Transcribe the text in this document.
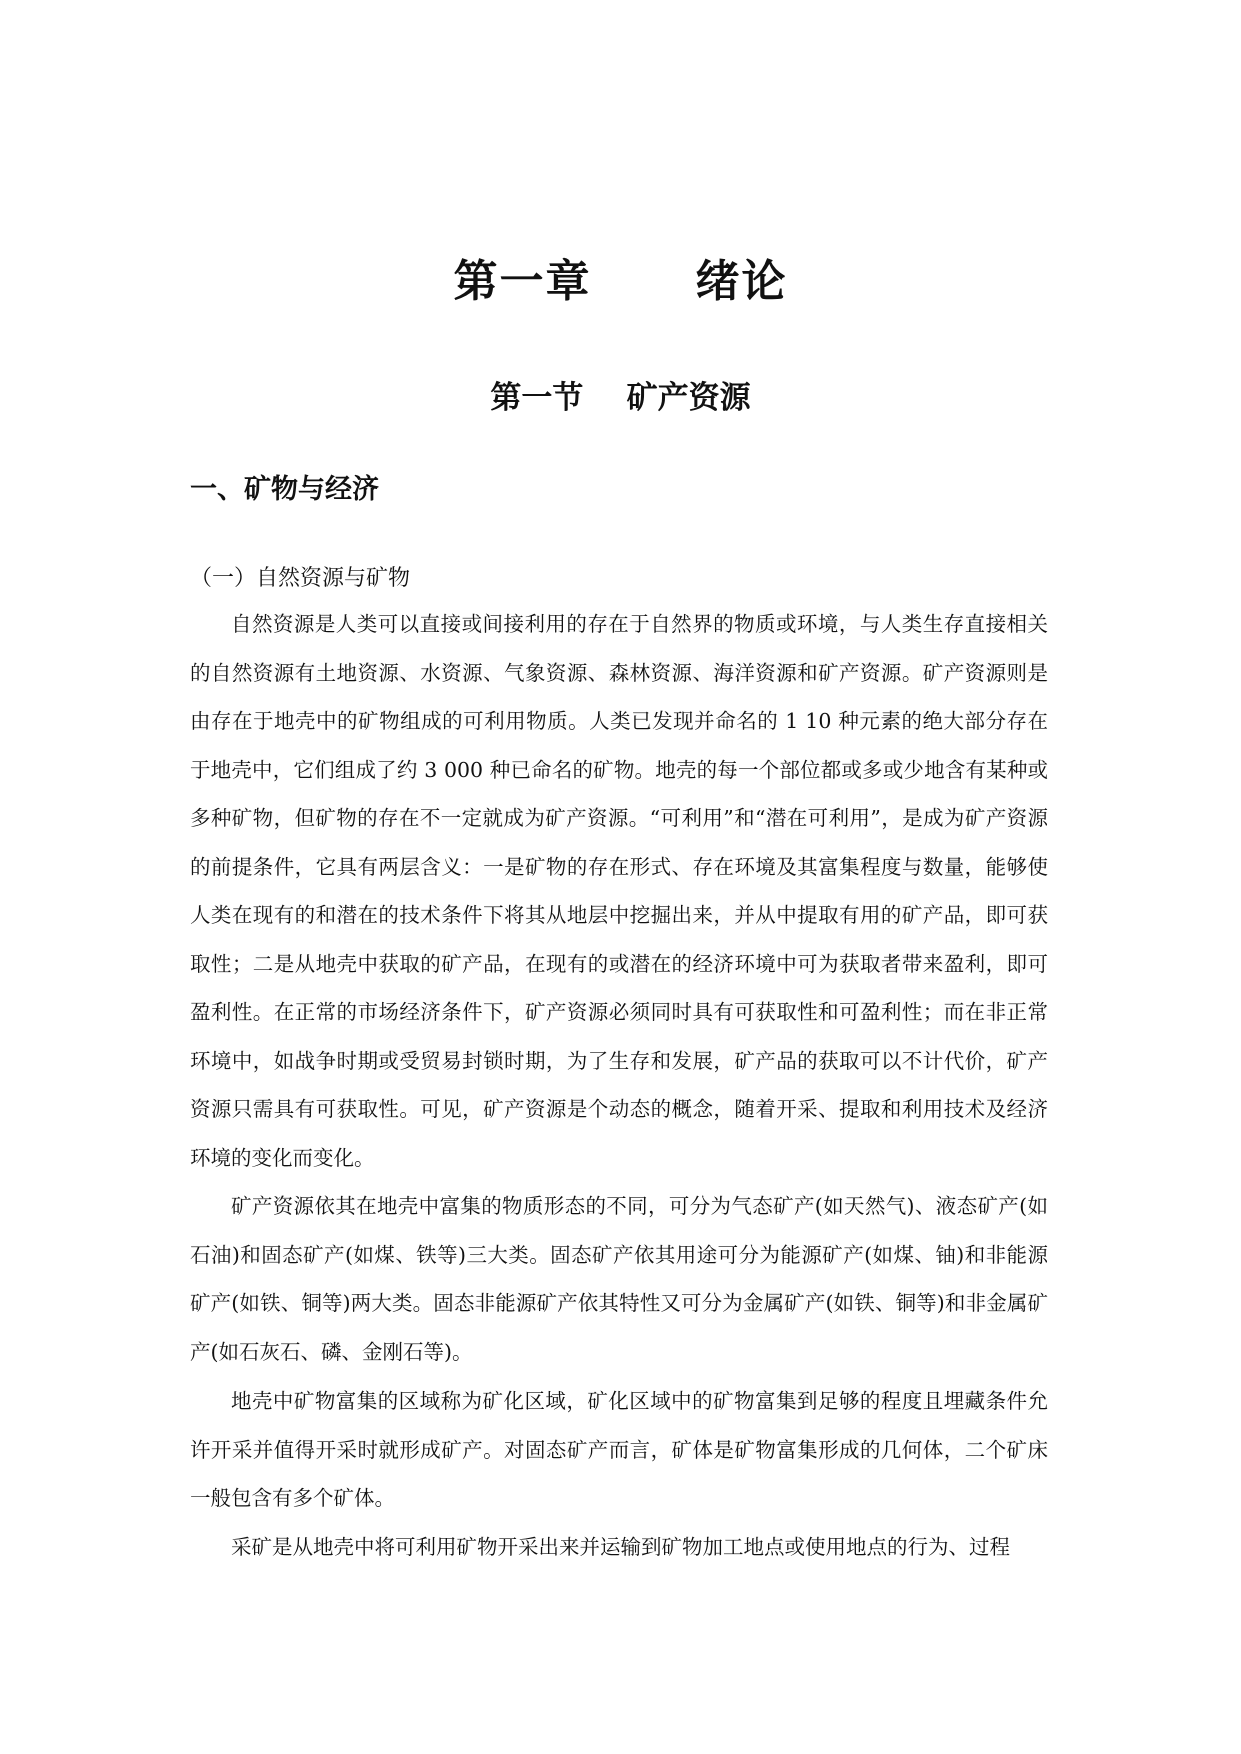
第一章      绪论
第一节    矿产资源
一、矿物与经济
（一）自然资源与矿物

自然资源是人类可以直接或间接利用的存在于自然界的物质或环境，与人类生存直接相关的自然资源有土地资源、水资源、气象资源、森林资源、海洋资源和矿产资源。矿产资源则是由存在于地壳中的矿物组成的可利用物质。人类已发现并命名的 1 10 种元素的绝大部分存在于地壳中，它们组成了约 3 000 种已命名的矿物。地壳的每一个部位都或多或少地含有某种或多种矿物，但矿物的存在不一定就成为矿产资源。“可利用”和“潜在可利用”，是成为矿产资源的前提条件，它具有两层含义：一是矿物的存在形式、存在环境及其富集程度与数量，能够使人类在现有的和潜在的技术条件下将其从地层中挖掘出来，并从中提取有用的矿产品，即可获取性；二是从地壳中获取的矿产品，在现有的或潜在的经济环境中可为获取者带来盈利，即可盈利性。在正常的市场经济条件下，矿产资源必须同时具有可获取性和可盈利性；而在非正常环境中，如战争时期或受贸易封锁时期，为了生存和发展，矿产品的获取可以不计代价，矿产资源只需具有可获取性。可见，矿产资源是个动态的概念，随着开采、提取和利用技术及经济环境的变化而变化。

矿产资源依其在地壳中富集的物质形态的不同，可分为气态矿产(如天然气)、液态矿产(如石油)和固态矿产(如煤、铁等)三大类。固态矿产依其用途可分为能源矿产(如煤、铀)和非能源矿产(如铁、铜等)两大类。固态非能源矿产依其特性又可分为金属矿产(如铁、铜等)和非金属矿产(如石灰石、磷、金刚石等)。

地壳中矿物富集的区域称为矿化区域，矿化区域中的矿物富集到足够的程度且埋藏条件允许开采并值得开采时就形成矿产。对固态矿产而言，矿体是矿物富集形成的几何体，二个矿床一般包含有多个矿体。

采矿是从地壳中将可利用矿物开采出来并运输到矿物加工地点或使用地点的行为、过程
